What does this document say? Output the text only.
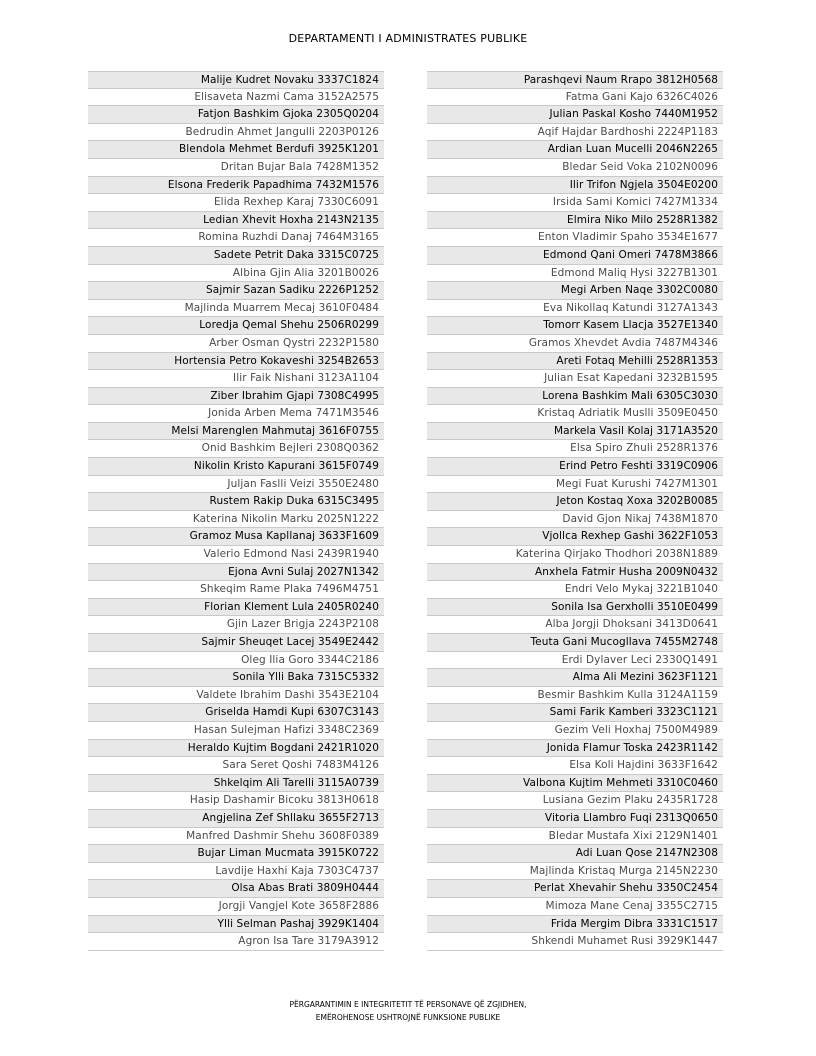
DEPARTAMENTI I ADMINISTRATES PUBLIKE
Malije Kudret Novaku 3337C1824
Elisaveta Nazmi Cama 3152A2575
Fatjon Bashkim Gjoka 2305Q0204
Bedrudin Ahmet Jangulli 2203P0126
Blendola Mehmet Berdufi 3925K1201
Dritan Bujar Bala 7428M1352
Elsona Frederik Papadhima 7432M1576
Elida Rexhep Karaj 7330C6091
Ledian Xhevit Hoxha 2143N2135
Romina Ruzhdi Danaj 7464M3165
Sadete Petrit Daka 3315C0725
Albina Gjin Alia 3201B0026
Sajmir Sazan Sadiku 2226P1252
Majlinda Muarrem Mecaj 3610F0484
Loredja Qemal Shehu 2506R0299
Arber Osman Qystri 2232P1580
Hortensia Petro Kokaveshi 3254B2653
Ilir Faik Nishani 3123A1104
Ziber Ibrahim Gjapi 7308C4995
Jonida Arben Mema 7471M3546
Melsi Marenglen Mahmutaj 3616F0755
Onid Bashkim Bejleri 2308Q0362
Nikolin Kristo Kapurani 3615F0749
Juljan Faslli Veizi 3550E2480
Rustem Rakip Duka 6315C3495
Katerina Nikolin Marku 2025N1222
Gramoz Musa Kapllanaj 3633F1609
Valerio Edmond Nasi 2439R1940
Ejona Avni Sulaj 2027N1342
Shkeqim Rame Plaka 7496M4751
Florian Klement Lula 2405R0240
Gjin Lazer Brigja 2243P2108
Sajmir Sheuqet Lacej 3549E2442
Oleg Ilia Goro 3344C2186
Sonila Ylli Baka 7315C5332
Valdete Ibrahim Dashi 3543E2104
Griselda Hamdi Kupi 6307C3143
Hasan Sulejman Hafizi 3348C2369
Heraldo Kujtim Bogdani 2421R1020
Sara Seret Qoshi 7483M4126
Shkelqim Ali Tarelli 3115A0739
Hasip Dashamir Bicoku 3813H0618
Angjelina Zef Shllaku 3655F2713
Manfred Dashmir Shehu 3608F0389
Bujar Liman Mucmata 3915K0722
Lavdije Haxhi Kaja 7303C4737
Olsa Abas Brati 3809H0444
Jorgji Vangjel Kote 3658F2886
Ylli Selman Pashaj 3929K1404
Agron Isa Tare 3179A3912
Parashqevi Naum Rrapo 3812H0568
Fatma Gani Kajo 6326C4026
Julian Paskal Kosho 7440M1952
Aqif Hajdar Bardhoshi 2224P1183
Ardian Luan Mucelli 2046N2265
Bledar Seid Voka 2102N0096
Ilir Trifon Ngjela 3504E0200
Irsida Sami Komici 7427M1334
Elmira Niko Milo 2528R1382
Enton Vladimir Spaho 3534E1677
Edmond Qani Omeri 7478M3866
Edmond Maliq Hysi 3227B1301
Megi Arben Naqe 3302C0080
Eva Nikollaq Katundi 3127A1343
Tomorr Kasem Llacja 3527E1340
Gramos Xhevdet Avdia 7487M4346
Areti Fotaq Mehilli 2528R1353
Julian Esat Kapedani 3232B1595
Lorena Bashkim Mali 6305C3030
Kristaq Adriatik Muslli 3509E0450
Markela Vasil Kolaj 3171A3520
Elsa Spiro Zhuli 2528R1376
Erind Petro Feshti 3319C0906
Megi Fuat Kurushi 7427M1301
Jeton Kostaq Xoxa 3202B0085
David Gjon Nikaj 7438M1870
Vjollca Rexhep Gashi 3622F1053
Katerina Qirjako Thodhori 2038N1889
Anxhela Fatmir Husha 2009N0432
Endri Velo Mykaj 3221B1040
Sonila Isa Gerxholli 3510E0499
Alba Jorgji Dhoksani 3413D0641
Teuta Gani Mucogllava 7455M2748
Erdi Dylaver Leci 2330Q1491
Alma Ali Mezini 3623F1121
Besmir Bashkim Kulla 3124A1159
Sami Farik Kamberi 3323C1121
Gezim Veli Hoxhaj 7500M4989
Jonida Flamur Toska 2423R1142
Elsa Koli Hajdini 3633F1642
Valbona Kujtim Mehmeti 3310C0460
Lusiana Gezim Plaku 2435R1728
Vitoria Llambro Fuqi 2313Q0650
Bledar Mustafa Xixi 2129N1401
Adi Luan Qose 2147N2308
Majlinda Kristaq Murga 2145N2230
Perlat Xhevahir Shehu 3350C2454
Mimoza Mane Cenaj 3355C2715
Frida Mergim Dibra 3331C1517
Shkendi Muhamet Rusi 3929K1447
PËRGARANTIMIN E INTEGRITETIT TË PERSONAVE QË ZGJIDHEN,
EMËROHENOSE USHTROJNË FUNKSIONE PUBLIKE
